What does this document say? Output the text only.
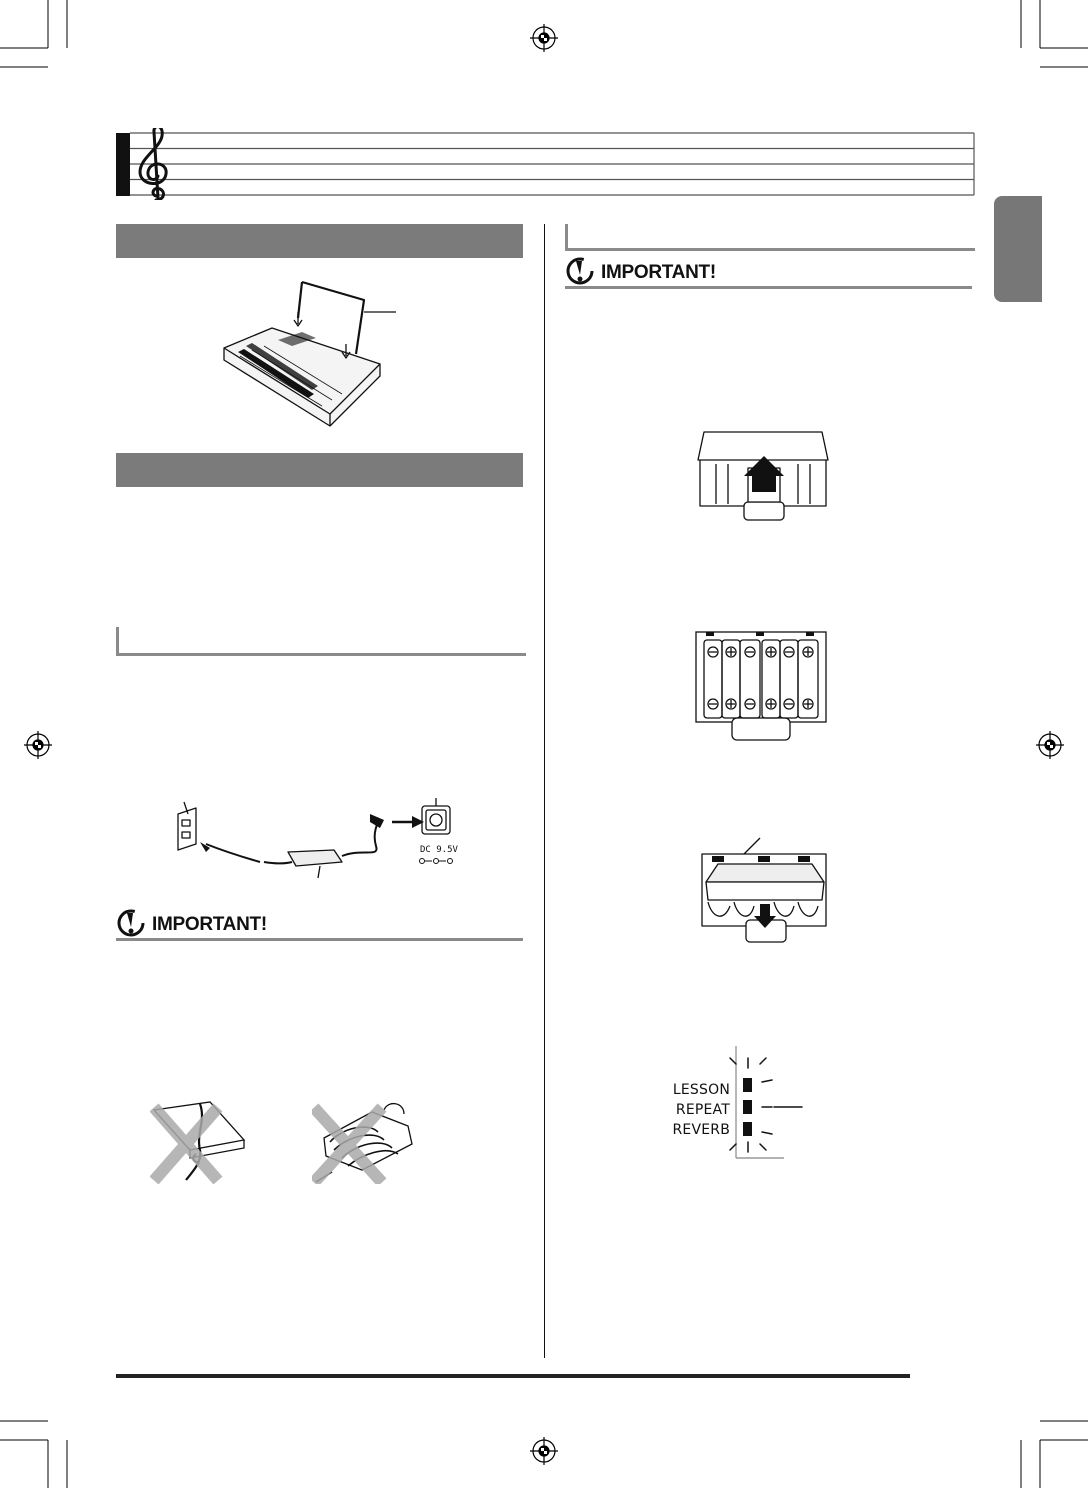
DC 9.5V
IMPORTANT!
IMPORTANT!
LESSON
REPEAT
REVERB
